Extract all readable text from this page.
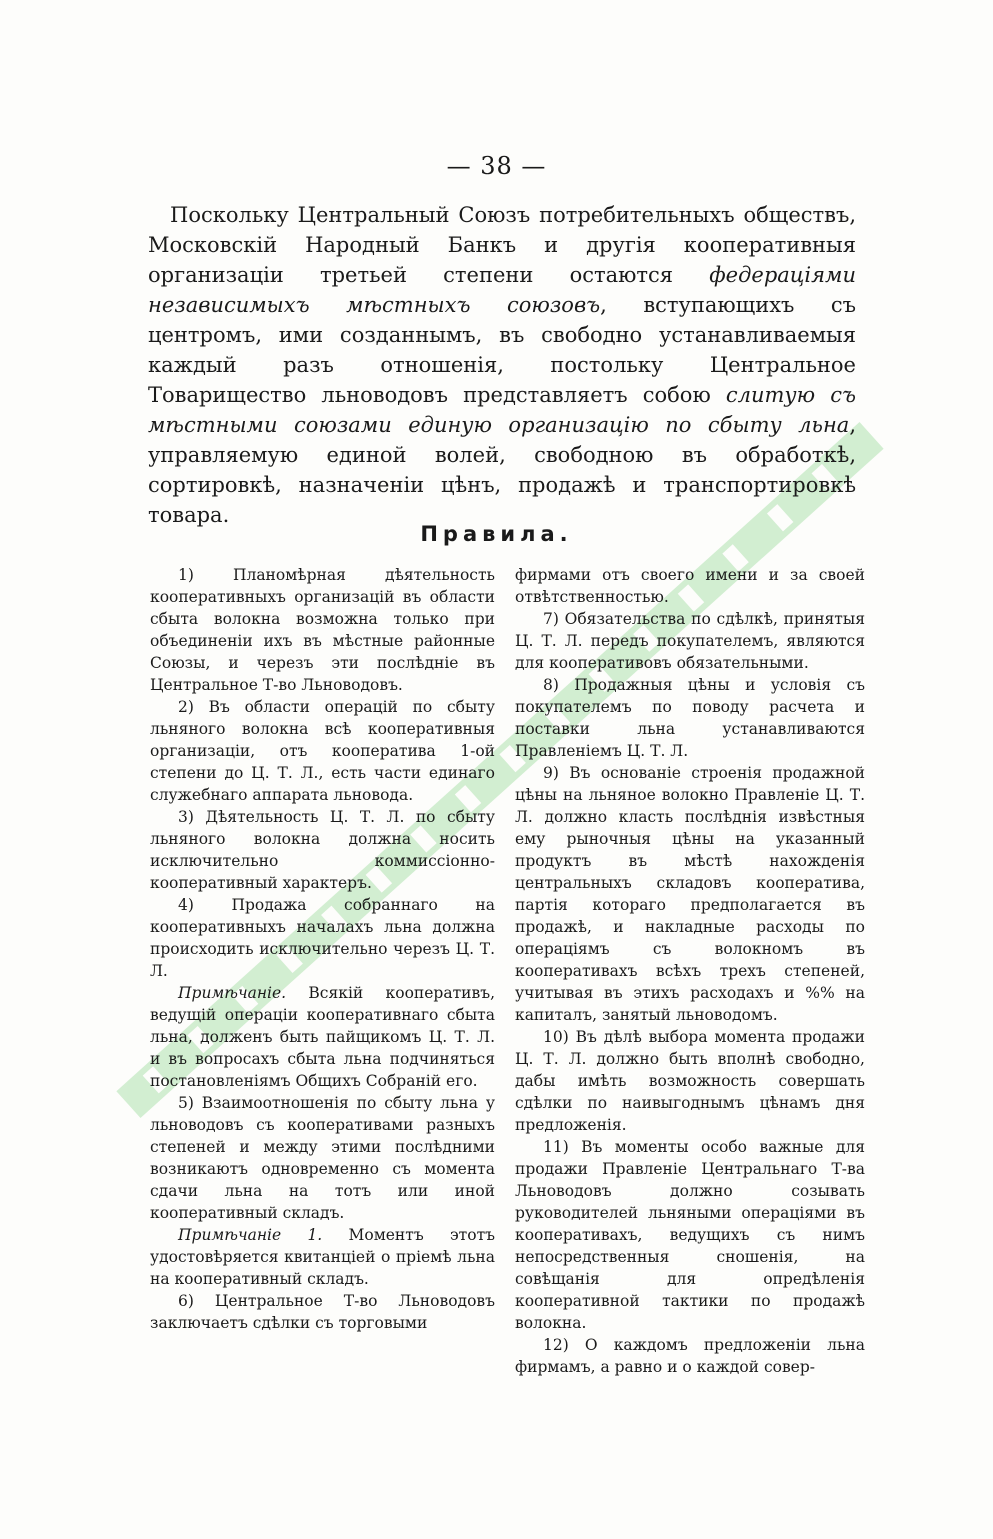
— 38 —

Поскольку Центральный Союзъ потребительныхъ обществъ, Московскій Народный Банкъ и другія кооперативныя организаціи третьей степени остаются федераціями независимыхъ мѣстныхъ союзовъ, вступающихъ съ центромъ, ими созданнымъ, въ свободно устанавливаемыя каждый разъ отношенія, постольку Центральное Товарищество льноводовъ представляетъ собою слитую съ мѣстными союзами единую организацію по сбыту льна, управляемую единой волей, свободною въ обработкѣ, сортировкѣ, назначеніи цѣнъ, продажѣ и транспортировкѣ товара.

Правила.

1) Планомѣрная дѣятельность кооперативныхъ организацій въ области сбыта волокна возможна только при объединеніи ихъ въ мѣстные районные Союзы, и черезъ эти послѣдніе въ Центральное Т-во Льноводовъ.

2) Въ области операцій по сбыту льняного волокна всѣ кооперативныя организаціи, отъ кооператива 1-ой степени до Ц. Т. Л., есть части единаго служебнаго аппарата льновода.

3) Дѣятельность Ц. Т. Л. по сбыту льняного волокна должна носить исключительно коммиссіонно-кооперативный характеръ.

4) Продажа собраннаго на кооперативныхъ началахъ льна должна происходить исключительно черезъ Ц. Т. Л.

Примѣчаніе. Всякій кооперативъ, ведущій операціи кооперативнаго сбыта льна, долженъ быть пайщикомъ Ц. Т. Л. и въ вопросахъ сбыта льна подчиняться постановленіямъ Общихъ Собраній его.

5) Взаимоотношенія по сбыту льна у льноводовъ съ кооперативами разныхъ степеней и между этими послѣдними возникаютъ одновременно съ момента сдачи льна на тотъ или иной кооперативный складъ.

Примѣчаніе 1. Моментъ этотъ удостовѣряется квитанціей о пріемѣ льна на кооперативный складъ.

6) Центральное Т-во Льноводовъ заключаетъ сдѣлки съ торговыми

фирмами отъ своего имени и за своей отвѣтственностью.

7) Обязательства по сдѣлкѣ, принятыя Ц. Т. Л. передъ покупателемъ, являются для кооперативовъ обязательными.

8) Продажныя цѣны и условія съ покупателемъ по поводу расчета и поставки льна устанавливаются Правленіемъ Ц. Т. Л.

9) Въ основаніе строенія продажной цѣны на льняное волокно Правленіе Ц. Т. Л. должно класть послѣднія извѣстныя ему рыночныя цѣны на указанный продуктъ въ мѣстѣ нахожденія центральныхъ складовъ кооператива, партія котораго предполагается въ продажѣ, и накладные расходы по операціямъ съ волокномъ въ кооперативахъ всѣхъ трехъ степеней, учитывая въ этихъ расходахъ и %% на капиталъ, занятый льноводомъ.

10) Въ дѣлѣ выбора момента продажи Ц. Т. Л. должно быть вполнѣ свободно, дабы имѣть возможность совершать сдѣлки по наивыгоднымъ цѣнамъ дня предложенія.

11) Въ моменты особо важные для продажи Правленіе Центральнаго Т-ва Льноводовъ должно созывать руководителей льняными операціями въ кооперативахъ, ведущихъ съ нимъ непосредственныя сношенія, на совѣщанія для опредѣленія кооперативной тактики по продажѣ волокна.

12) О каждомъ предложеніи льна фирмамъ, а равно и о каждой совер-
